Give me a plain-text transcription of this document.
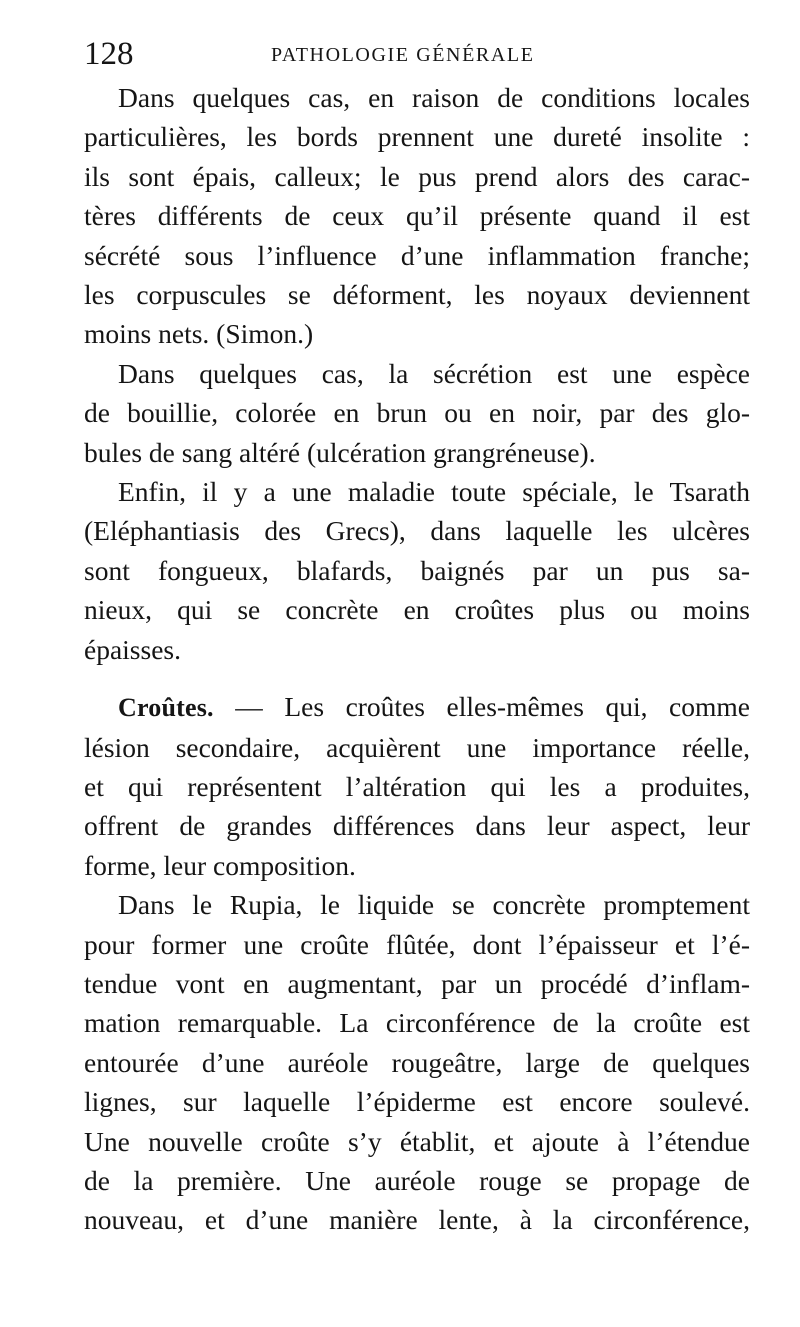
128	PATHOLOGIE GÉNÉRALE
Dans quelques cas, en raison de conditions locales
particulières, les bords prennent une dureté insolite :
ils sont épais, calleux; le pus prend alors des carac-
tères différents de ceux qu’il présente quand il est
sécrété sous l’influence d’une inflammation franche;
les corpuscules se déforment, les noyaux deviennent
moins nets. (Simon.)
Dans quelques cas, la sécrétion est une espèce
de bouillie, colorée en brun ou en noir, par des glo-
bules de sang altéré (ulcération grangréneuse).
Enfin, il y a une maladie toute spéciale, le Tsarath
(Eléphantiasis des Grecs), dans laquelle les ulcères
sont fongueux, blafards, baignés par un pus sa-
nieux, qui se concrète en croûtes plus ou moins
épaisses.
Croûtes. — Les croûtes elles-mêmes qui, comme
lésion secondaire, acquièrent une importance réelle,
et qui représentent l’altération qui les a produites,
offrent de grandes différences dans leur aspect, leur
forme, leur composition.
Dans le Rupia, le liquide se concrète promptement
pour former une croûte flûtée, dont l’épaisseur et l’é-
tendue vont en augmentant, par un procédé d’inflam-
mation remarquable. La circonférence de la croûte est
entourée d’une auréole rougeâtre, large de quelques
lignes, sur laquelle l’épiderme est encore soulevé.
Une nouvelle croûte s’y établit, et ajoute à l’étendue
de la première. Une auréole rouge se propage de
nouveau, et d’une manière lente, à la circonférence,
